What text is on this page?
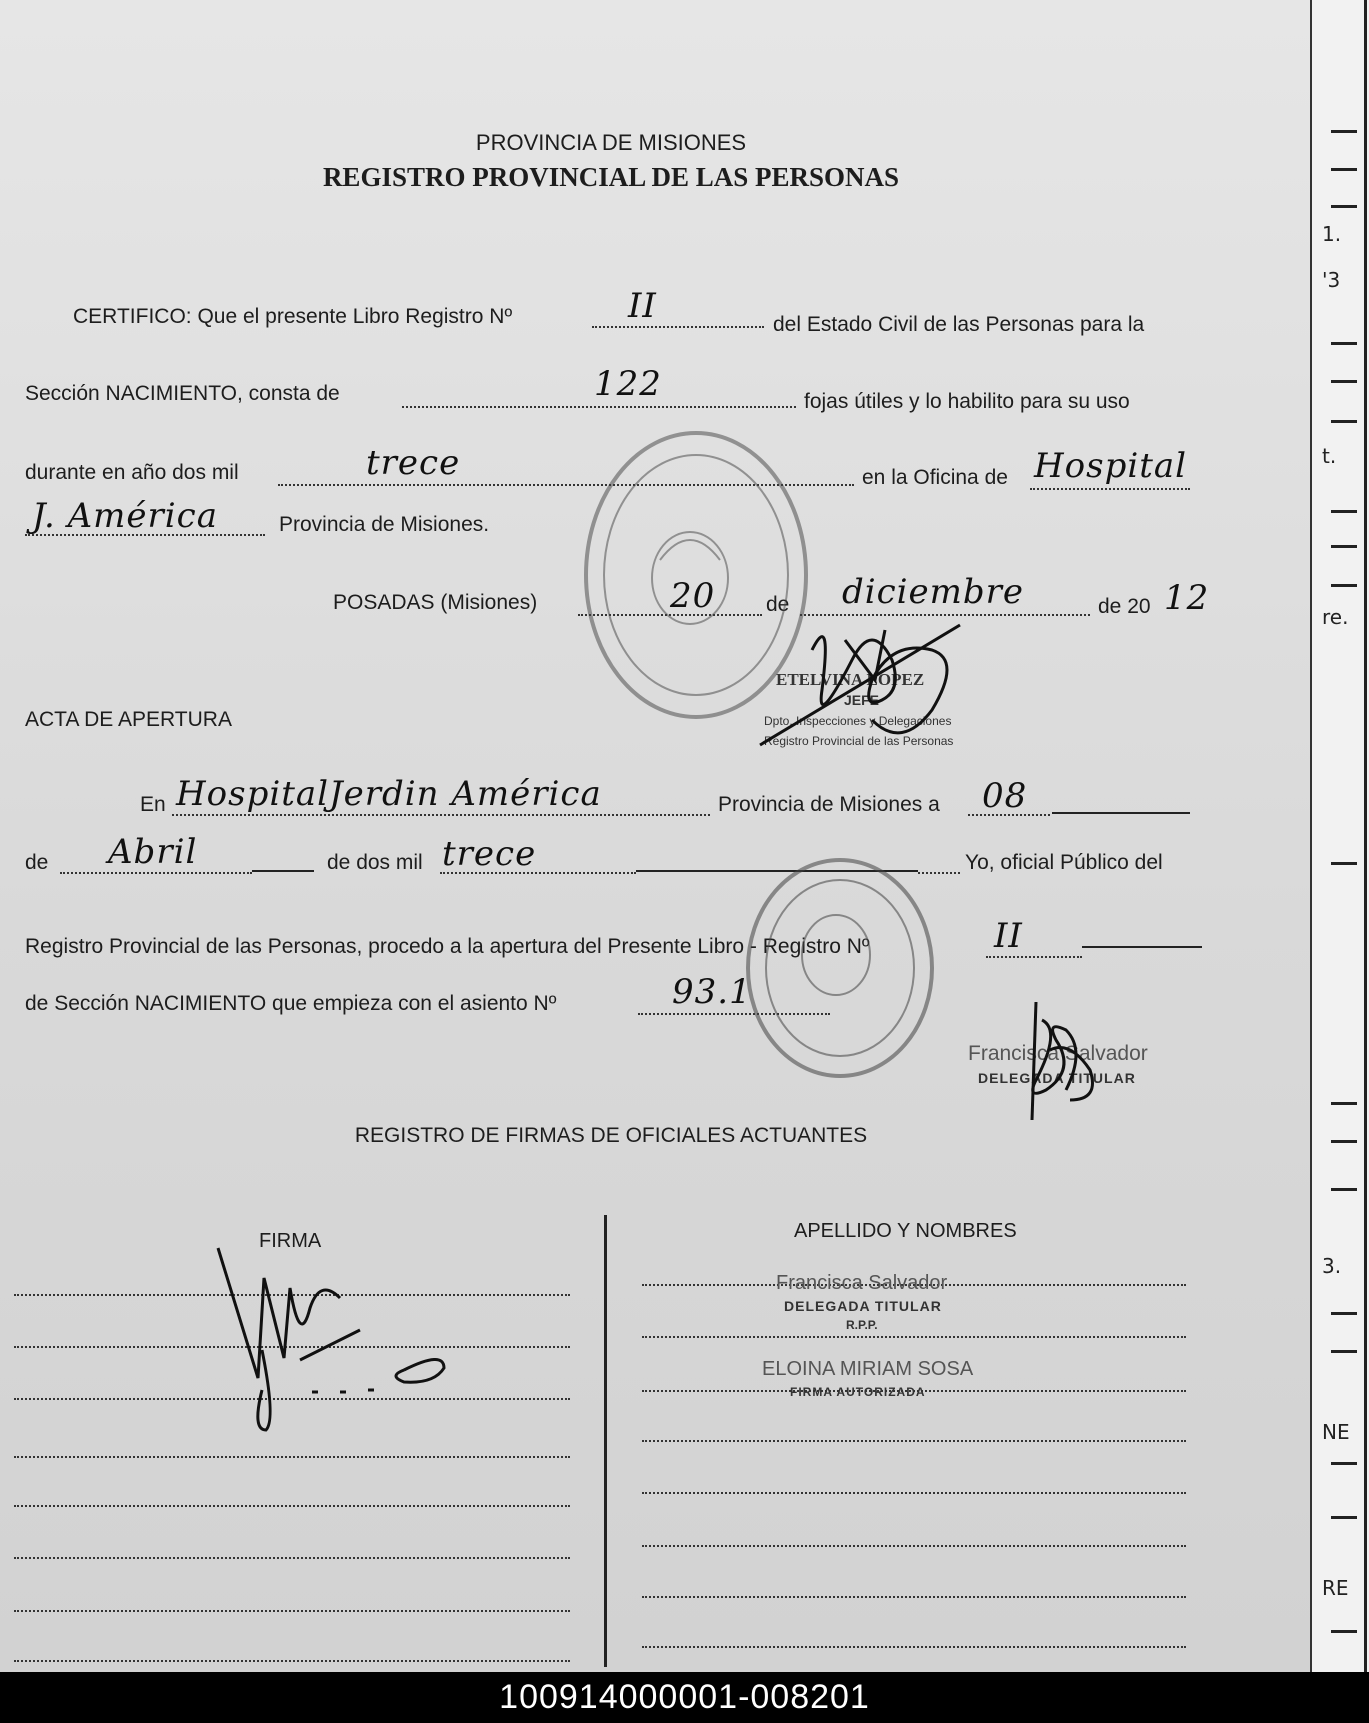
PROVINCIA DE MISIONES
REGISTRO PROVINCIAL DE LAS PERSONAS
CERTIFICO: Que el presente Libro Registro Nº	II	del Estado Civil de las Personas para la
Sección NACIMIENTO, consta de	122	fojas útiles y lo habilito para su uso
durante en año dos mil	trece	en la Oficina de Hospital
J. América	Provincia de Misiones.
POSADAS (Misiones)	20 de diciembre	de 20 12
ETELVINA LOPEZ
JEFE
Dpto. Inspecciones y Delegaciones
Registro Provincial de las Personas
ACTA DE APERTURA
En HospitalJerdin América	Provincia de Misiones a 08
de Abril	de dos mil trece	Yo, oficial Público del
Registro Provincial de las Personas, procedo a la apertura del Presente Libro - Registro Nº	II
de Sección NACIMIENTO que empieza con el asiento Nº	93.1
Francisca Salvador
DELEGADA TITULAR
REGISTRO DE FIRMAS DE OFICIALES ACTUANTES
FIRMA	APELLIDO Y NOMBRES
Francisca Salvador
DELEGADA TITULAR
R.P.P.
ELOINA MIRIAM SOSA
FIRMA AUTORIZADA
1.
'3
t.
re.
3.
NE
RE
100914000001-008201
